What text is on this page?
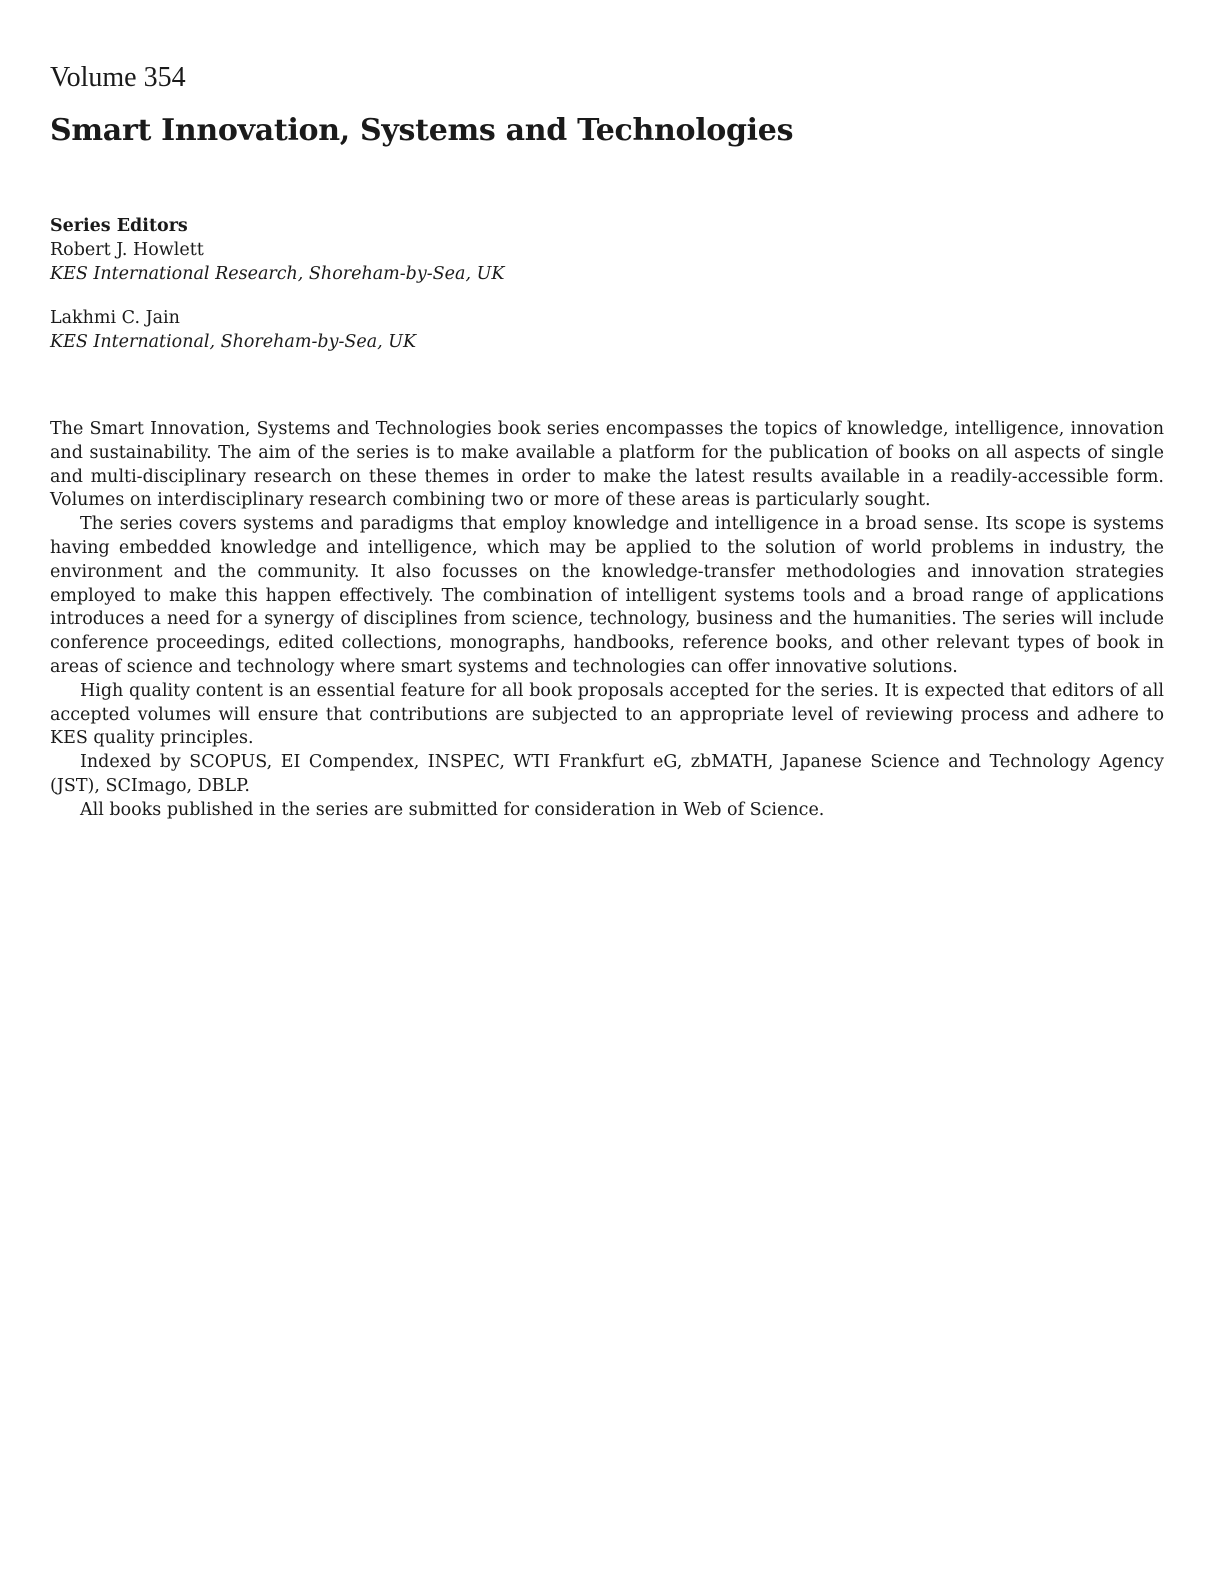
Volume 354
Smart Innovation, Systems and Technologies
Series Editors
Robert J. Howlett
KES International Research, Shoreham-by-Sea, UK
Lakhmi C. Jain
KES International, Shoreham-by-Sea, UK

The Smart Innovation, Systems and Technologies book series encompasses the topics of knowledge, intelligence, innovation and sustainability. The aim of the series is to make available a platform for the publication of books on all aspects of single and multi-disciplinary research on these themes in order to make the latest results available in a readily-accessible form. Volumes on interdisciplinary research combining two or more of these areas is particularly sought.

The series covers systems and paradigms that employ knowledge and intelligence in a broad sense. Its scope is systems having embedded knowledge and intelligence, which may be applied to the solution of world problems in industry, the environment and the community. It also focusses on the knowledge-transfer methodologies and innovation strategies employed to make this happen effectively. The combination of intelligent systems tools and a broad range of applications introduces a need for a synergy of disciplines from science, technology, business and the humanities. The series will include conference proceedings, edited collections, monographs, handbooks, reference books, and other relevant types of book in areas of science and technology where smart systems and technologies can offer innovative solutions.

High quality content is an essential feature for all book proposals accepted for the series. It is expected that editors of all accepted volumes will ensure that contributions are subjected to an appropriate level of reviewing process and adhere to KES quality principles.

Indexed by SCOPUS, EI Compendex, INSPEC, WTI Frankfurt eG, zbMATH, Japanese Science and Technology Agency (JST), SCImago, DBLP.

All books published in the series are submitted for consideration in Web of Science.
